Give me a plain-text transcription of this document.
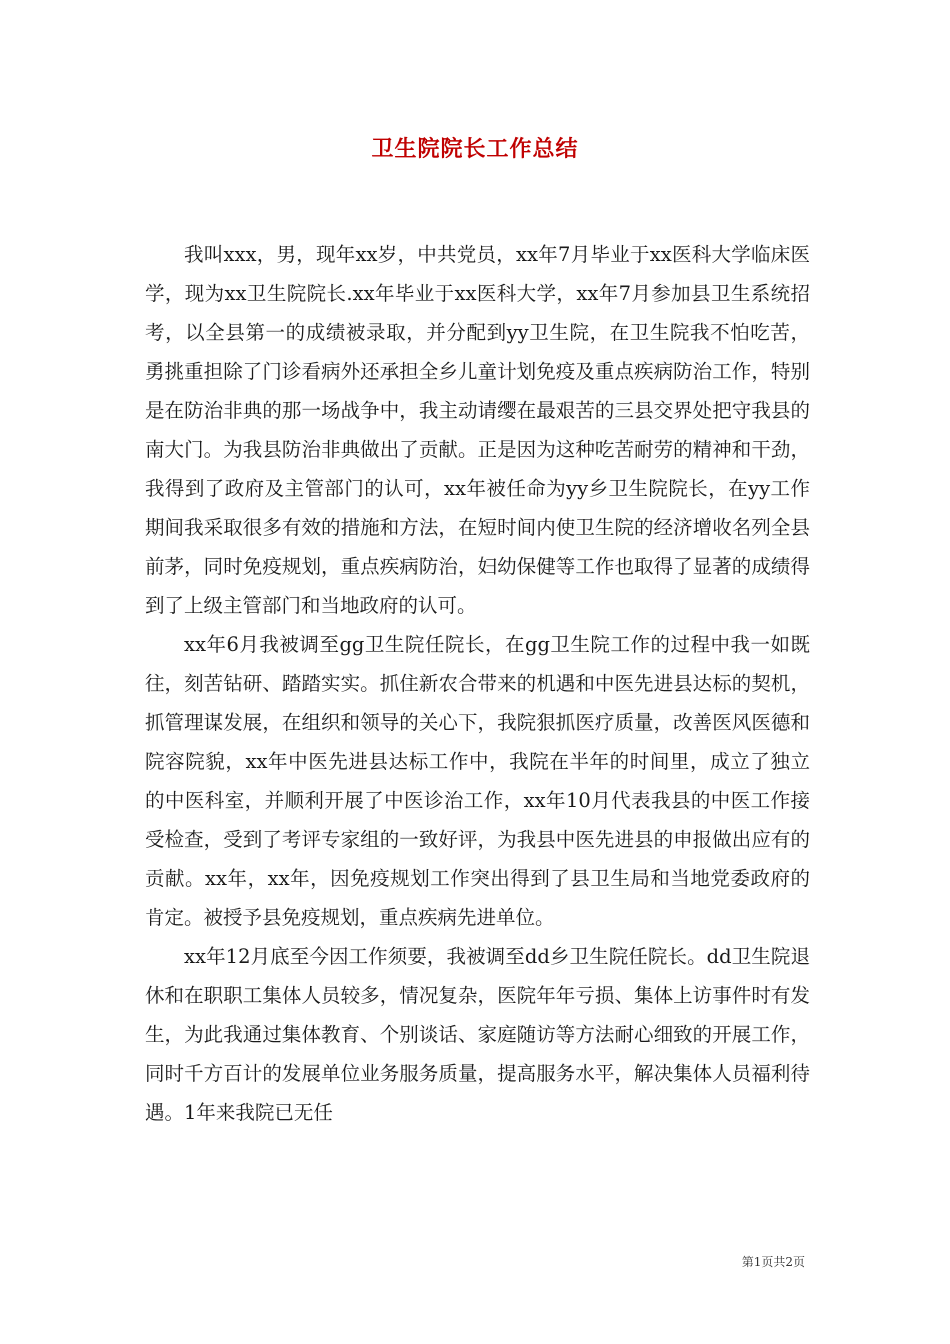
卫生院院长工作总结

我叫xxx，男，现年xx岁，中共党员，xx年7月毕业于xx医科大学临床医学，现为xx卫生院院长.xx年毕业于xx医科大学，xx年7月参加县卫生系统招考，以全县第一的成绩被录取，并分配到yy卫生院，在卫生院我不怕吃苦，勇挑重担除了门诊看病外还承担全乡儿童计划免疫及重点疾病防治工作，特别是在防治非典的那一场战争中，我主动请缨在最艰苦的三县交界处把守我县的南大门。为我县防治非典做出了贡献。正是因为这种吃苦耐劳的精神和干劲，我得到了政府及主管部门的认可，xx年被任命为yy乡卫生院院长，在yy工作期间我采取很多有效的措施和方法，在短时间内使卫生院的经济增收名列全县前茅，同时免疫规划，重点疾病防治，妇幼保健等工作也取得了显著的成绩得到了上级主管部门和当地政府的认可。

xx年6月我被调至gg卫生院任院长，在gg卫生院工作的过程中我一如既往，刻苦钻研、踏踏实实。抓住新农合带来的机遇和中医先进县达标的契机，抓管理谋发展，在组织和领导的关心下，我院狠抓医疗质量，改善医风医德和院容院貌，xx年中医先进县达标工作中，我院在半年的时间里，成立了独立的中医科室，并顺利开展了中医诊治工作，xx年10月代表我县的中医工作接受检查，受到了考评专家组的一致好评，为我县中医先进县的申报做出应有的贡献。xx年，xx年，因免疫规划工作突出得到了县卫生局和当地党委政府的肯定。被授予县免疫规划，重点疾病先进单位。

xx年12月底至今因工作须要，我被调至dd乡卫生院任院长。dd卫生院退休和在职职工集体人员较多，情况复杂，医院年年亏损、集体上访事件时有发生，为此我通过集体教育、个别谈话、家庭随访等方法耐心细致的开展工作，同时千方百计的发展单位业务服务质量，提高服务水平，解决集体人员福利待遇。1年来我院已无任

第1页共2页
